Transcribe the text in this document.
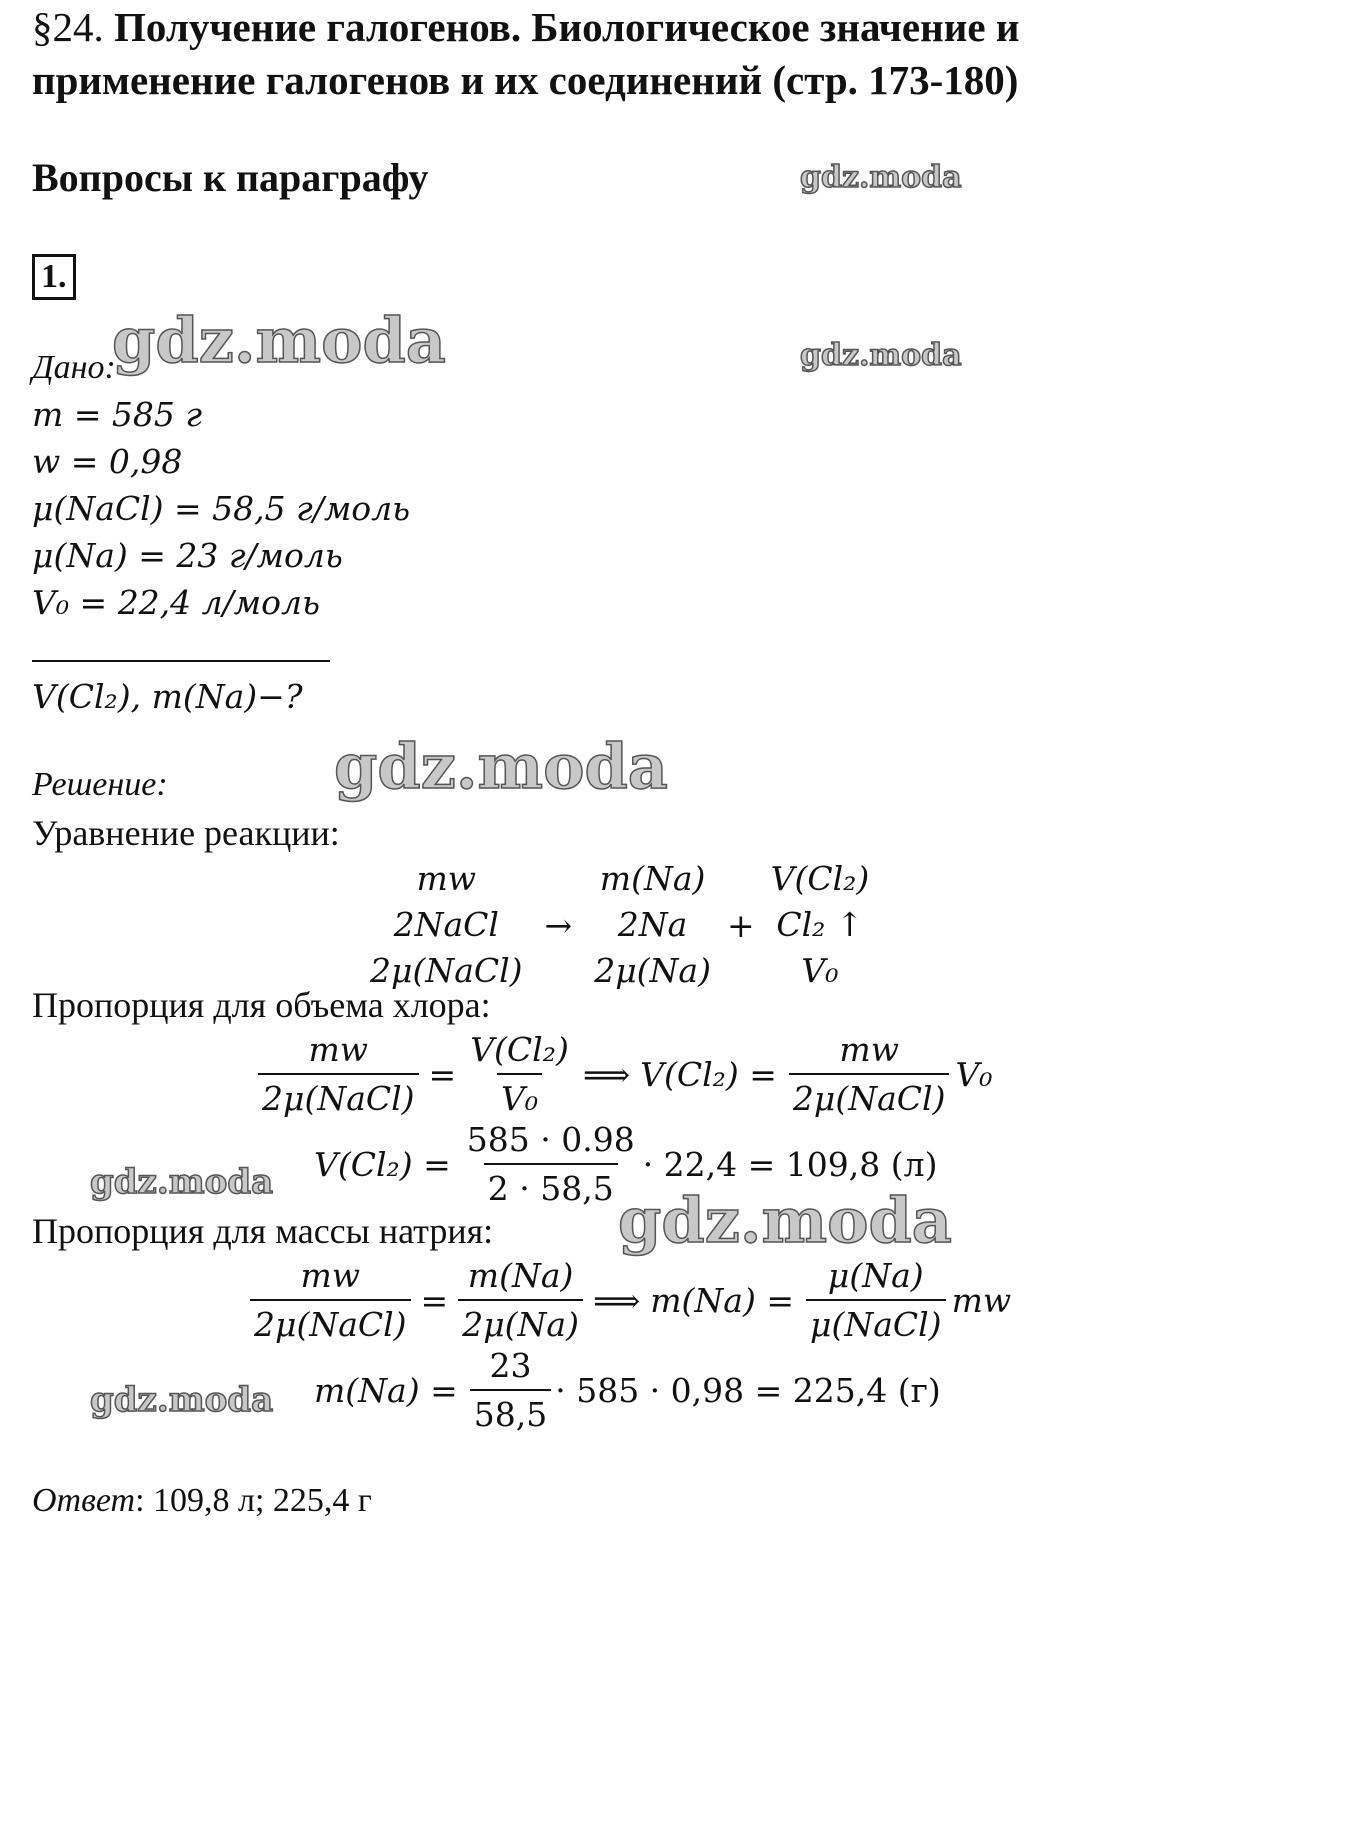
§24. Получение галогенов. Биологическое значение и
применение галогенов и их соединений (стр. 173-180)
Вопросы к параграфу
1.
Дано:
m = 585 г
w = 0,98
μ(NaCl) = 58,5 г/моль
μ(Na) = 23 г/моль
V₀ = 22,4 л/моль
V(Cl₂), m(Na)−?
Решение:
Уравнение реакции:
mw
2NaCl
2μ(NaCl)
→
m(Na)
2Na
2μ(Na)
+
V(Cl₂)
Cl₂ ↑
V₀
Пропорция для объема хлора:
$\frac{mw}{\text{2μ(NaCl)}} = \frac{\text{V(Cl₂)}}{\text{V₀}}$ ⟹ $V(Cl_2) = \frac{mw}{\text{2μ(NaCl)}} V_0$
$V(Cl_2) = \frac{585 \cdot 0.98}{2 \cdot 58,5} \cdot 22,4 = 109,8$ (л)
Пропорция для массы натрия:
$\frac{mw}{\text{2μ(NaCl)}} = \frac{m(Na)}{2\mu(Na)}$ ⟹ $m(Na) = \frac{\mu(Na)}{\text{μ(NaCl)}}$ mw
$m(Na) = \frac{23}{58,5} \cdot 585 \cdot 0,98 = 225,4$ (г)
Ответ: 109,8 л; 225,4 г
gdz.moda
gdz.moda	gdz.moda
gdz.moda
gdz.moda
gdz.moda
gdz.moda
